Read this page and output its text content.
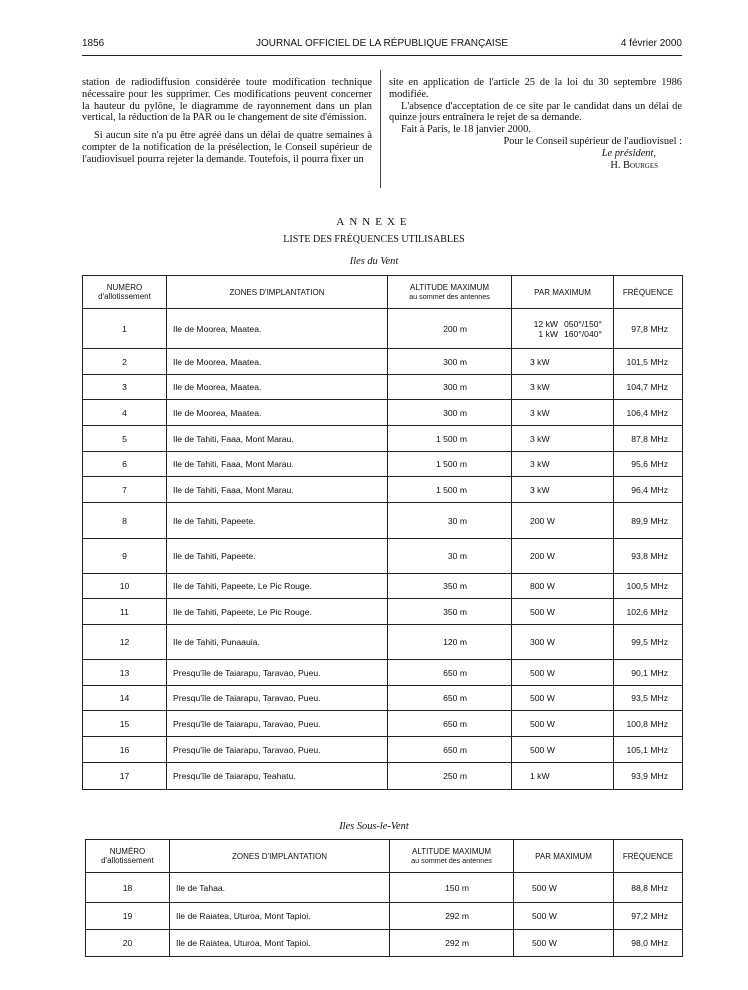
1856	JOURNAL OFFICIEL DE LA RÉPUBLIQUE FRANÇAISE	4 février 2000

station de radiodiffusion considérée toute modification technique nécessaire pour les supprimer. Ces modifications peuvent concerner la hauteur du pylône, le diagramme de rayonnement dans un plan vertical, la réduction de la PAR ou le changement de site d'émission.

Si aucun site n'a pu être agréé dans un délai de quatre semaines à compter de la notification de la présélection, le Conseil supérieur de l'audiovisuel pourra rejeter la demande. Toutefois, il pourra fixer un

site en application de l'article 25 de la loi du 30 septembre 1986 modifiée.

L'absence d'acceptation de ce site par le candidat dans un délai de quinze jours entraînera le rejet de sa demande.

Fait à Paris, le 18 janvier 2000.

Pour le Conseil supérieur de l'audiovisuel :

Le président,

H. Bourges

ANNEXE
LISTE DES FRÉQUENCES UTILISABLES
Iles du Vent
NUMÉRO
d'allotissement	ZONES D'IMPLANTATION	ALTITUDE MAXIMUM
au sommet des antennes	PAR MAXIMUM	FRÉQUENCE
1	Ile de Moorea, Maatea.	200 m	12 kW 050°/150°
1 kW 160°/040°	97,8 MHz
2	Ile de Moorea, Maatea.	300 m	3 kW	101,5 MHz
3	Ile de Moorea, Maatea.	300 m	3 kW	104,7 MHz
4	Ile de Moorea, Maatea.	300 m	3 kW	106,4 MHz
5	Ile de Tahiti, Faaa, Mont Marau.	1 500 m	3 kW	87,8 MHz
6	Ile de Tahiti, Faaa, Mont Marau.	1 500 m	3 kW	95,6 MHz
7	Ile de Tahiti, Faaa, Mont Marau.	1 500 m	3 kW	96,4 MHz
8	Ile de Tahiti, Papeete.	30 m	200 W	89,9 MHz
9	Ile de Tahiti, Papeete.	30 m	200 W	93,8 MHz
10	Ile de Tahiti, Papeete, Le Pic Rouge.	350 m	800 W	100,5 MHz
11	Ile de Tahiti, Papeete, Le Pic Rouge.	350 m	500 W	102,6 MHz
12	Ile de Tahiti, Punaauia.	120 m	300 W	99,5 MHz
13	Presqu'île de Taiarapu, Taravao, Pueu.	650 m	500 W	90,1 MHz
14	Presqu'île de Taiarapu, Taravao, Pueu.	650 m	500 W	93,5 MHz
15	Presqu'île de Taiarapu, Taravao, Pueu.	650 m	500 W	100,8 MHz
16	Presqu'île de Taiarapu, Taravao, Pueu.	650 m	500 W	105,1 MHz
17	Presqu'île de Taiarapu, Teahatu.	250 m	1 kW	93,9 MHz
Iles Sous-le-Vent
NUMÉRO
d'allotissement	ZONES D'IMPLANTATION	ALTITUDE MAXIMUM
au sommet des antennes	PAR MAXIMUM	FRÉQUENCE
18	Ile de Tahaa.	150 m	500 W	88,8 MHz
19	Ile de Raiatea, Uturoa, Mont Tapioi.	292 m	500 W	97,2 MHz
20	Ile de Raiatea, Uturoa, Mont Tapioi.	292 m	500 W	98,0 MHz
